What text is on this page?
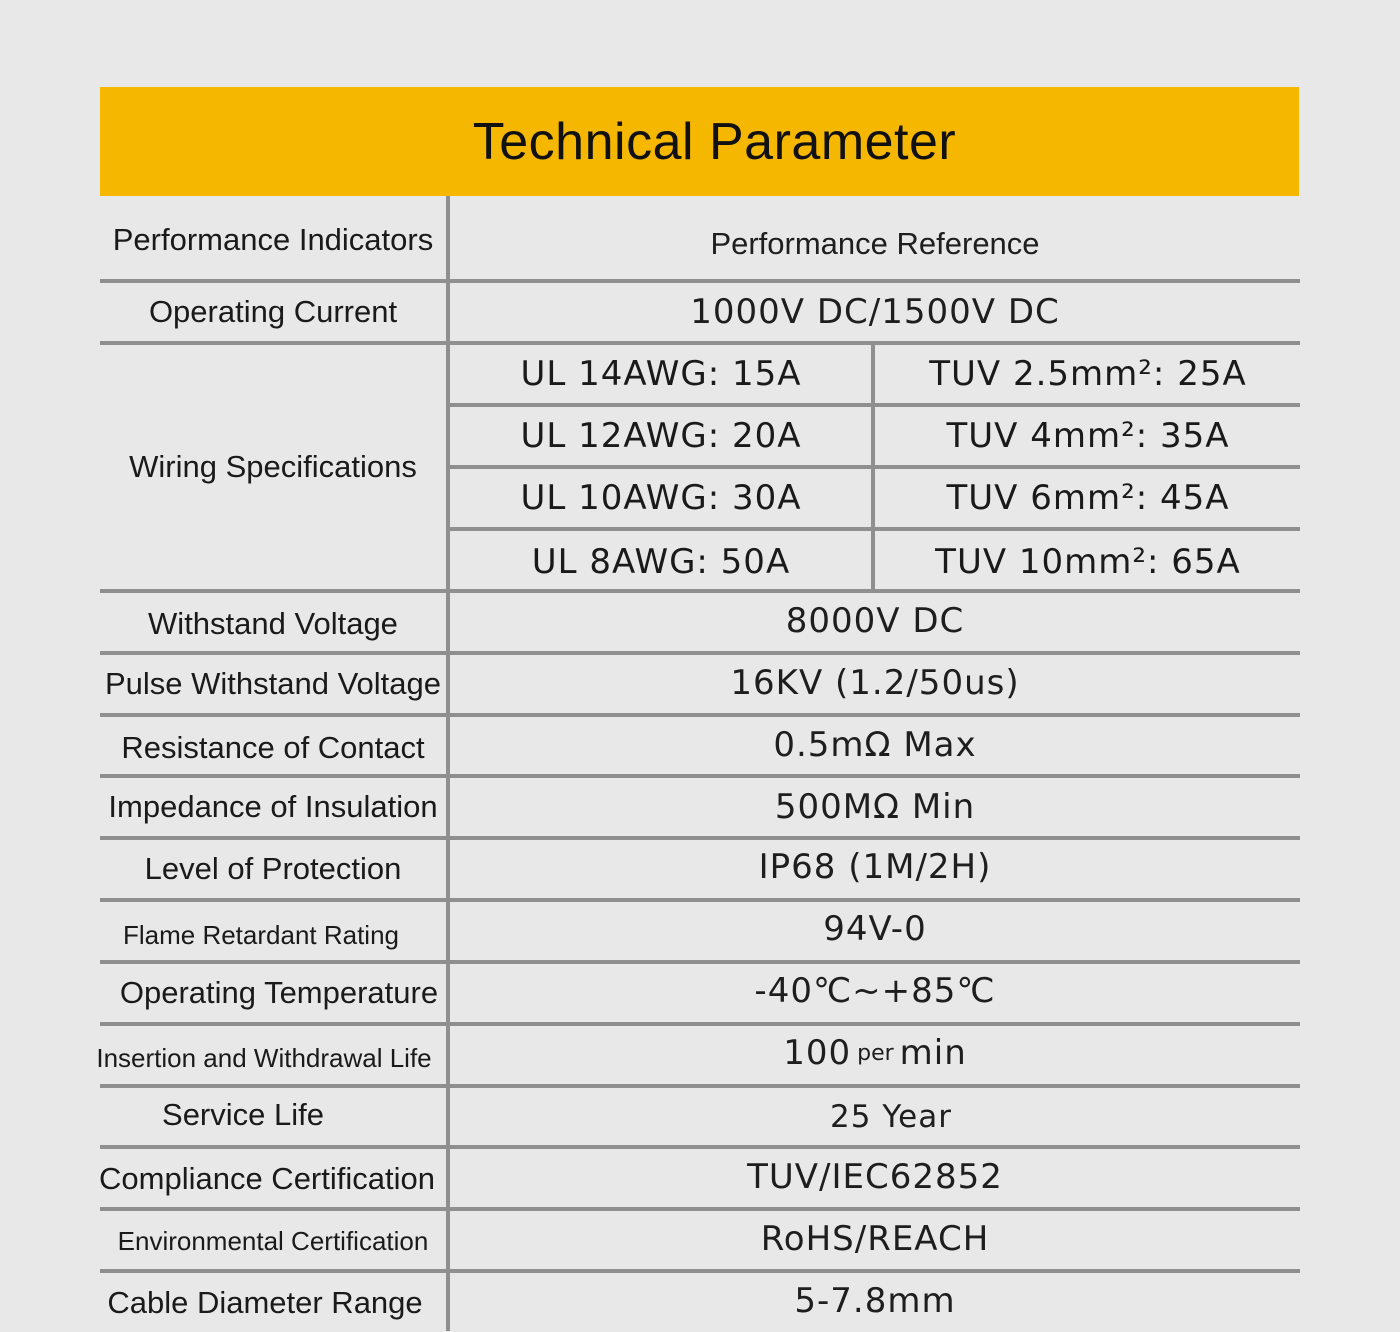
Technical Parameter
Performance Indicators	Performance Reference
Operating Current	1000V DC/1500V DC
Wiring Specifications
UL 14AWG: 15A	TUV 2.5mm²: 25A
UL 12AWG: 20A	TUV 4mm²: 35A
UL 10AWG: 30A	TUV 6mm²: 45A
UL 8AWG: 50A	TUV 10mm²: 65A
Withstand Voltage	8000V DC
Pulse Withstand Voltage	16KV (1.2/50us)
Resistance of Contact	0.5mΩ Max
Impedance of Insulation	500MΩ Min
Level of Protection	IP68 (1M/2H)
Flame Retardant Rating	94V-0
Operating Temperature	-40℃~+85℃
Insertion and Withdrawal Life	100 per min
Service Life	25 Year
Compliance Certification	TUV/IEC62852
Environmental Certification	RoHS/REACH
Cable Diameter Range	5-7.8mm
